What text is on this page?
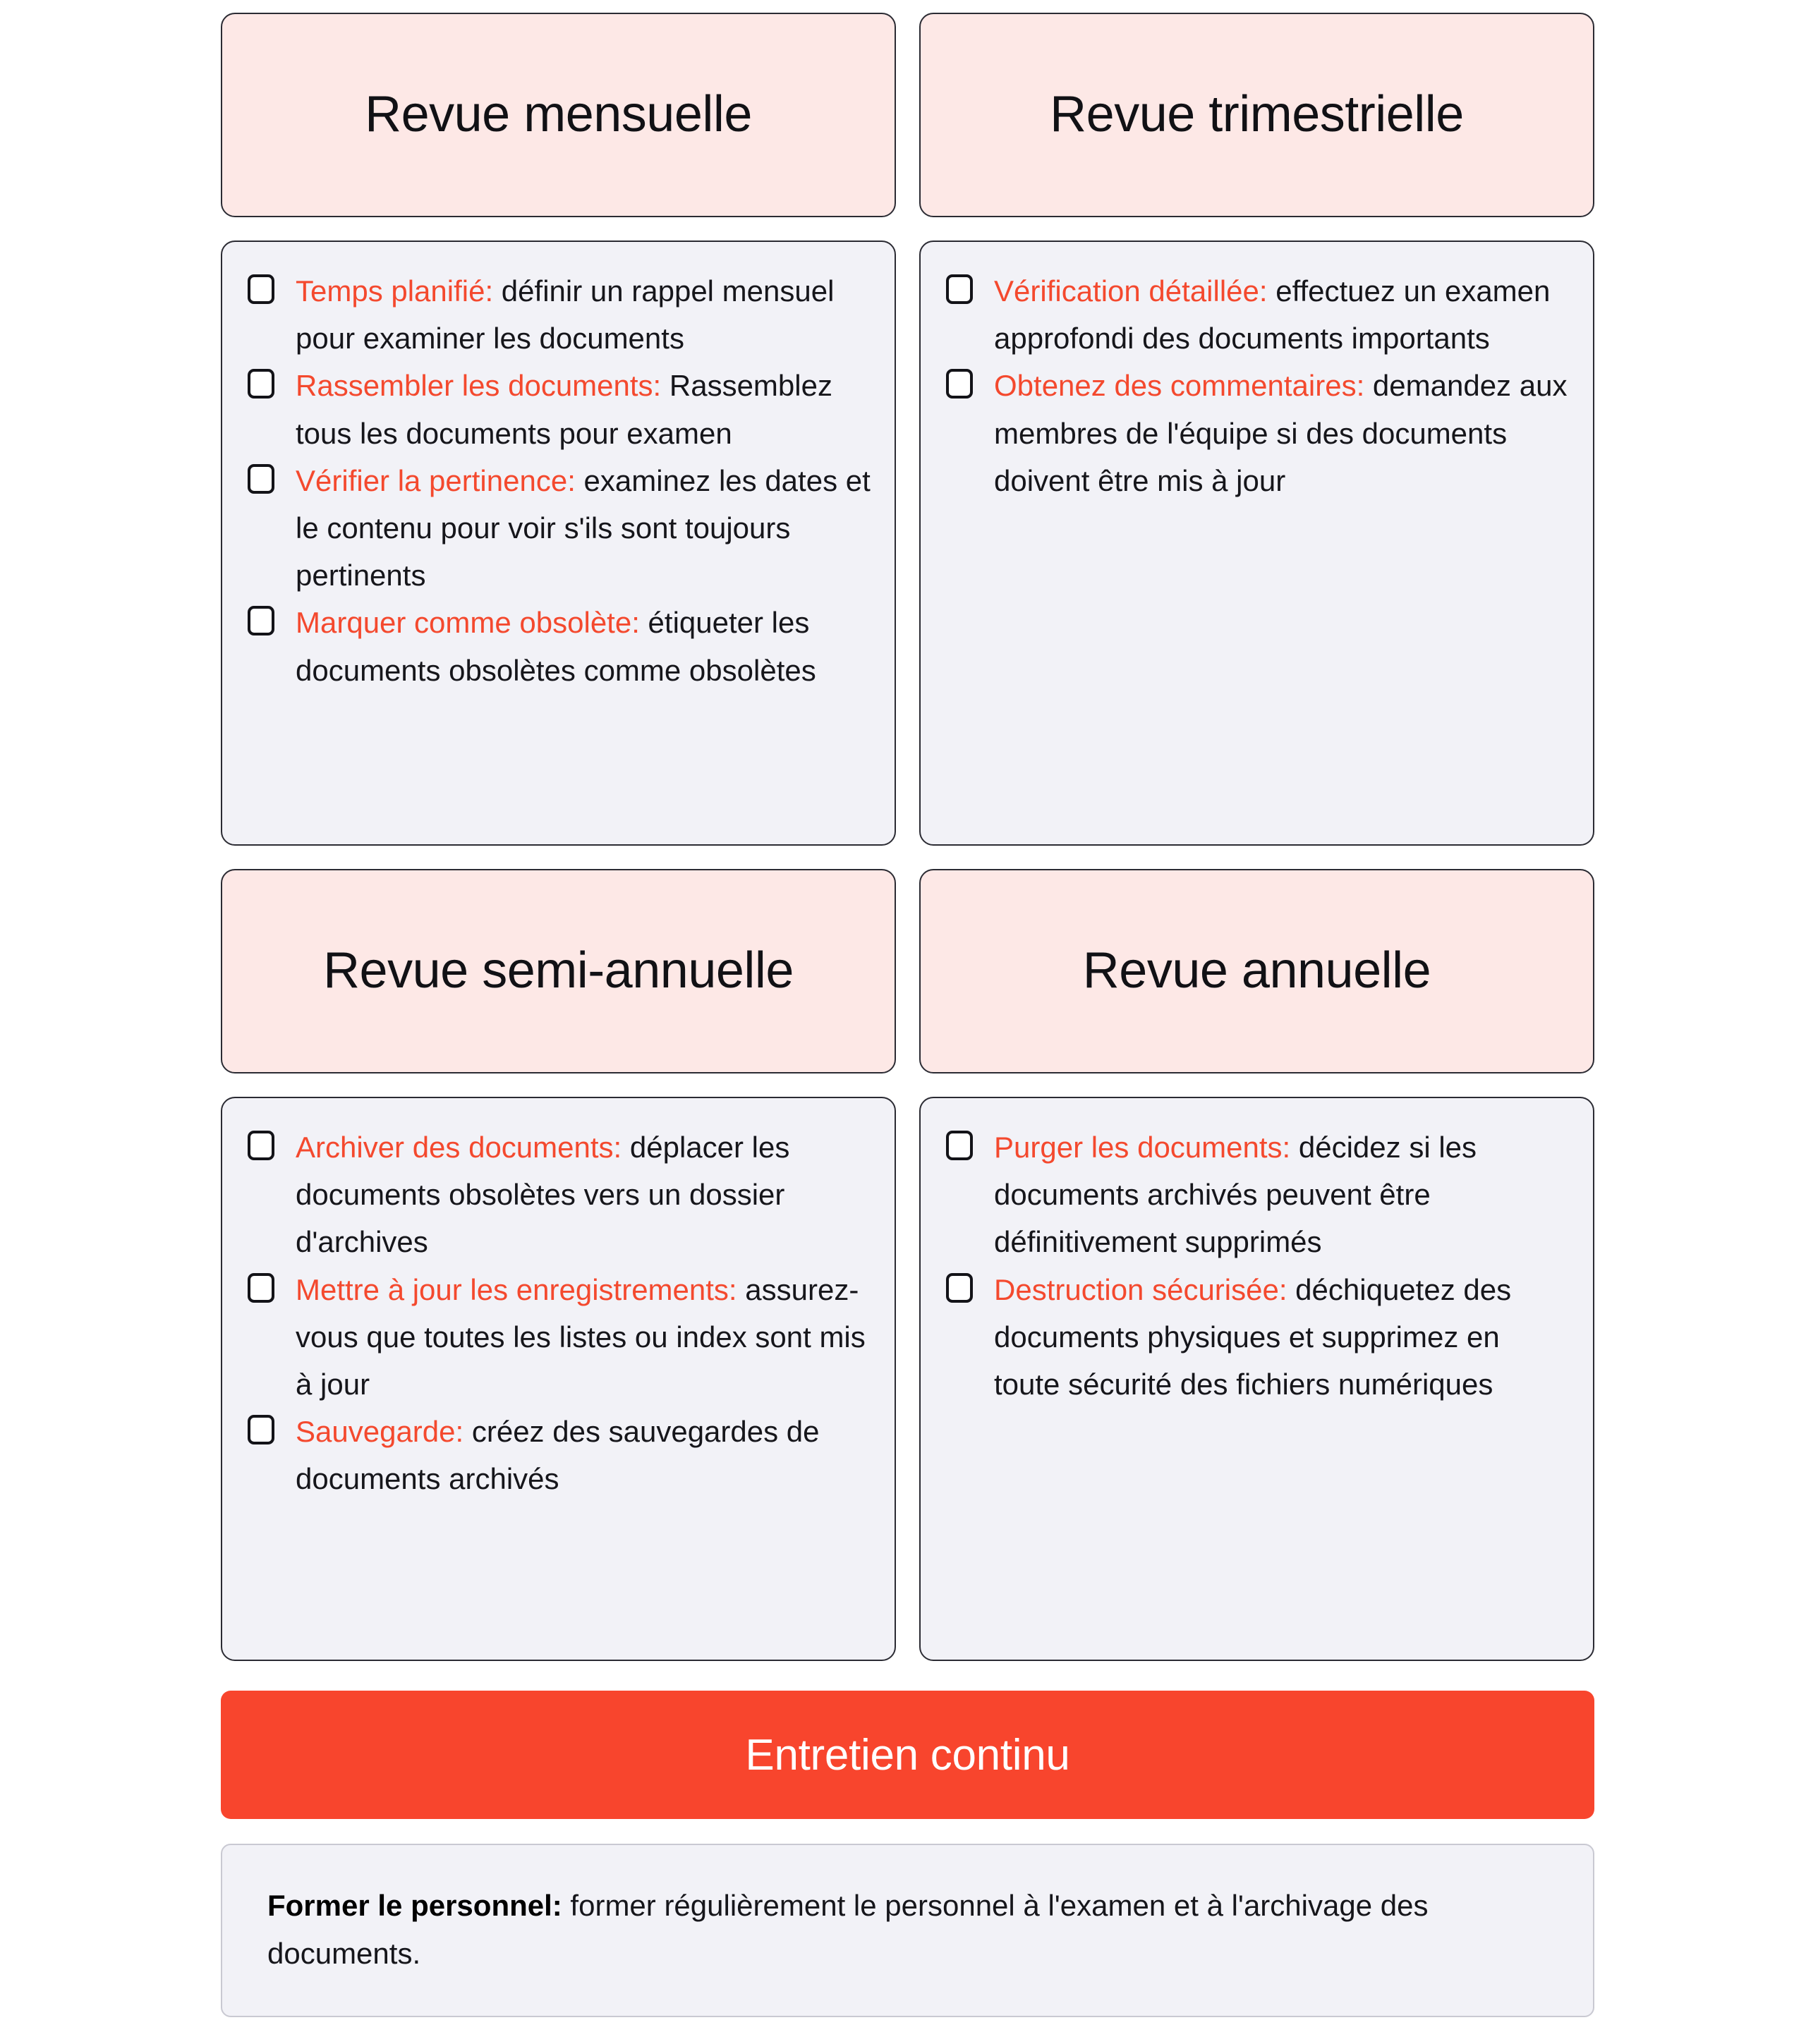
Revue mensuelle
Temps planifié: définir un rappel mensuel pour examiner les documents
Rassembler les documents: Rassemblez tous les documents pour examen
Vérifier la pertinence: examinez les dates et le contenu pour voir s'ils sont toujours pertinents
Marquer comme obsolète: étiqueter les documents obsolètes comme obsolètes
Revue trimestrielle
Vérification détaillée: effectuez un examen approfondi des documents importants
Obtenez des commentaires: demandez aux membres de l'équipe si des documents doivent être mis à jour
Revue semi-annuelle
Archiver des documents: déplacer les documents obsolètes vers un dossier d'archives
Mettre à jour les enregistrements: assurez-vous que toutes les listes ou index sont mis à jour
Sauvegarde: créez des sauvegardes de documents archivés
Revue annuelle
Purger les documents: décidez si les documents archivés peuvent être définitivement supprimés
Destruction sécurisée: déchiquetez des documents physiques et supprimez en toute sécurité des fichiers numériques
Entretien continu
Former le personnel: former régulièrement le personnel à l'examen et à l'archivage des documents.
